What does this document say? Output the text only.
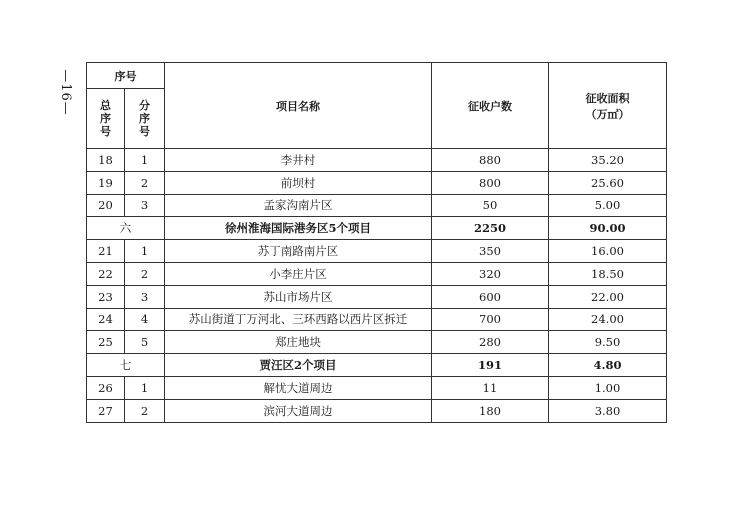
—16—	序号		项目名称	征收户数	征收面积
（万㎡）

总序号	分序号			
18	1	李井村	880	35.20
19	2	前坝村	800	25.60
20	3	孟家沟南片区	50	5.00
六		徐州淮海国际港务区5个项目	2250	90.00
21	1	苏丁南路南片区	350	16.00
22	2	小李庄片区	320	18.50
23	3	苏山市场片区	600	22.00
24	4	苏山街道丁万河北、三环西路以西片区拆迁	700	24.00
25	5	郑庄地块	280	9.50
七		贾汪区2个项目	191	4.80
26	1	解忧大道周边	11	1.00
27	2	滨河大道周边	180	3.80
